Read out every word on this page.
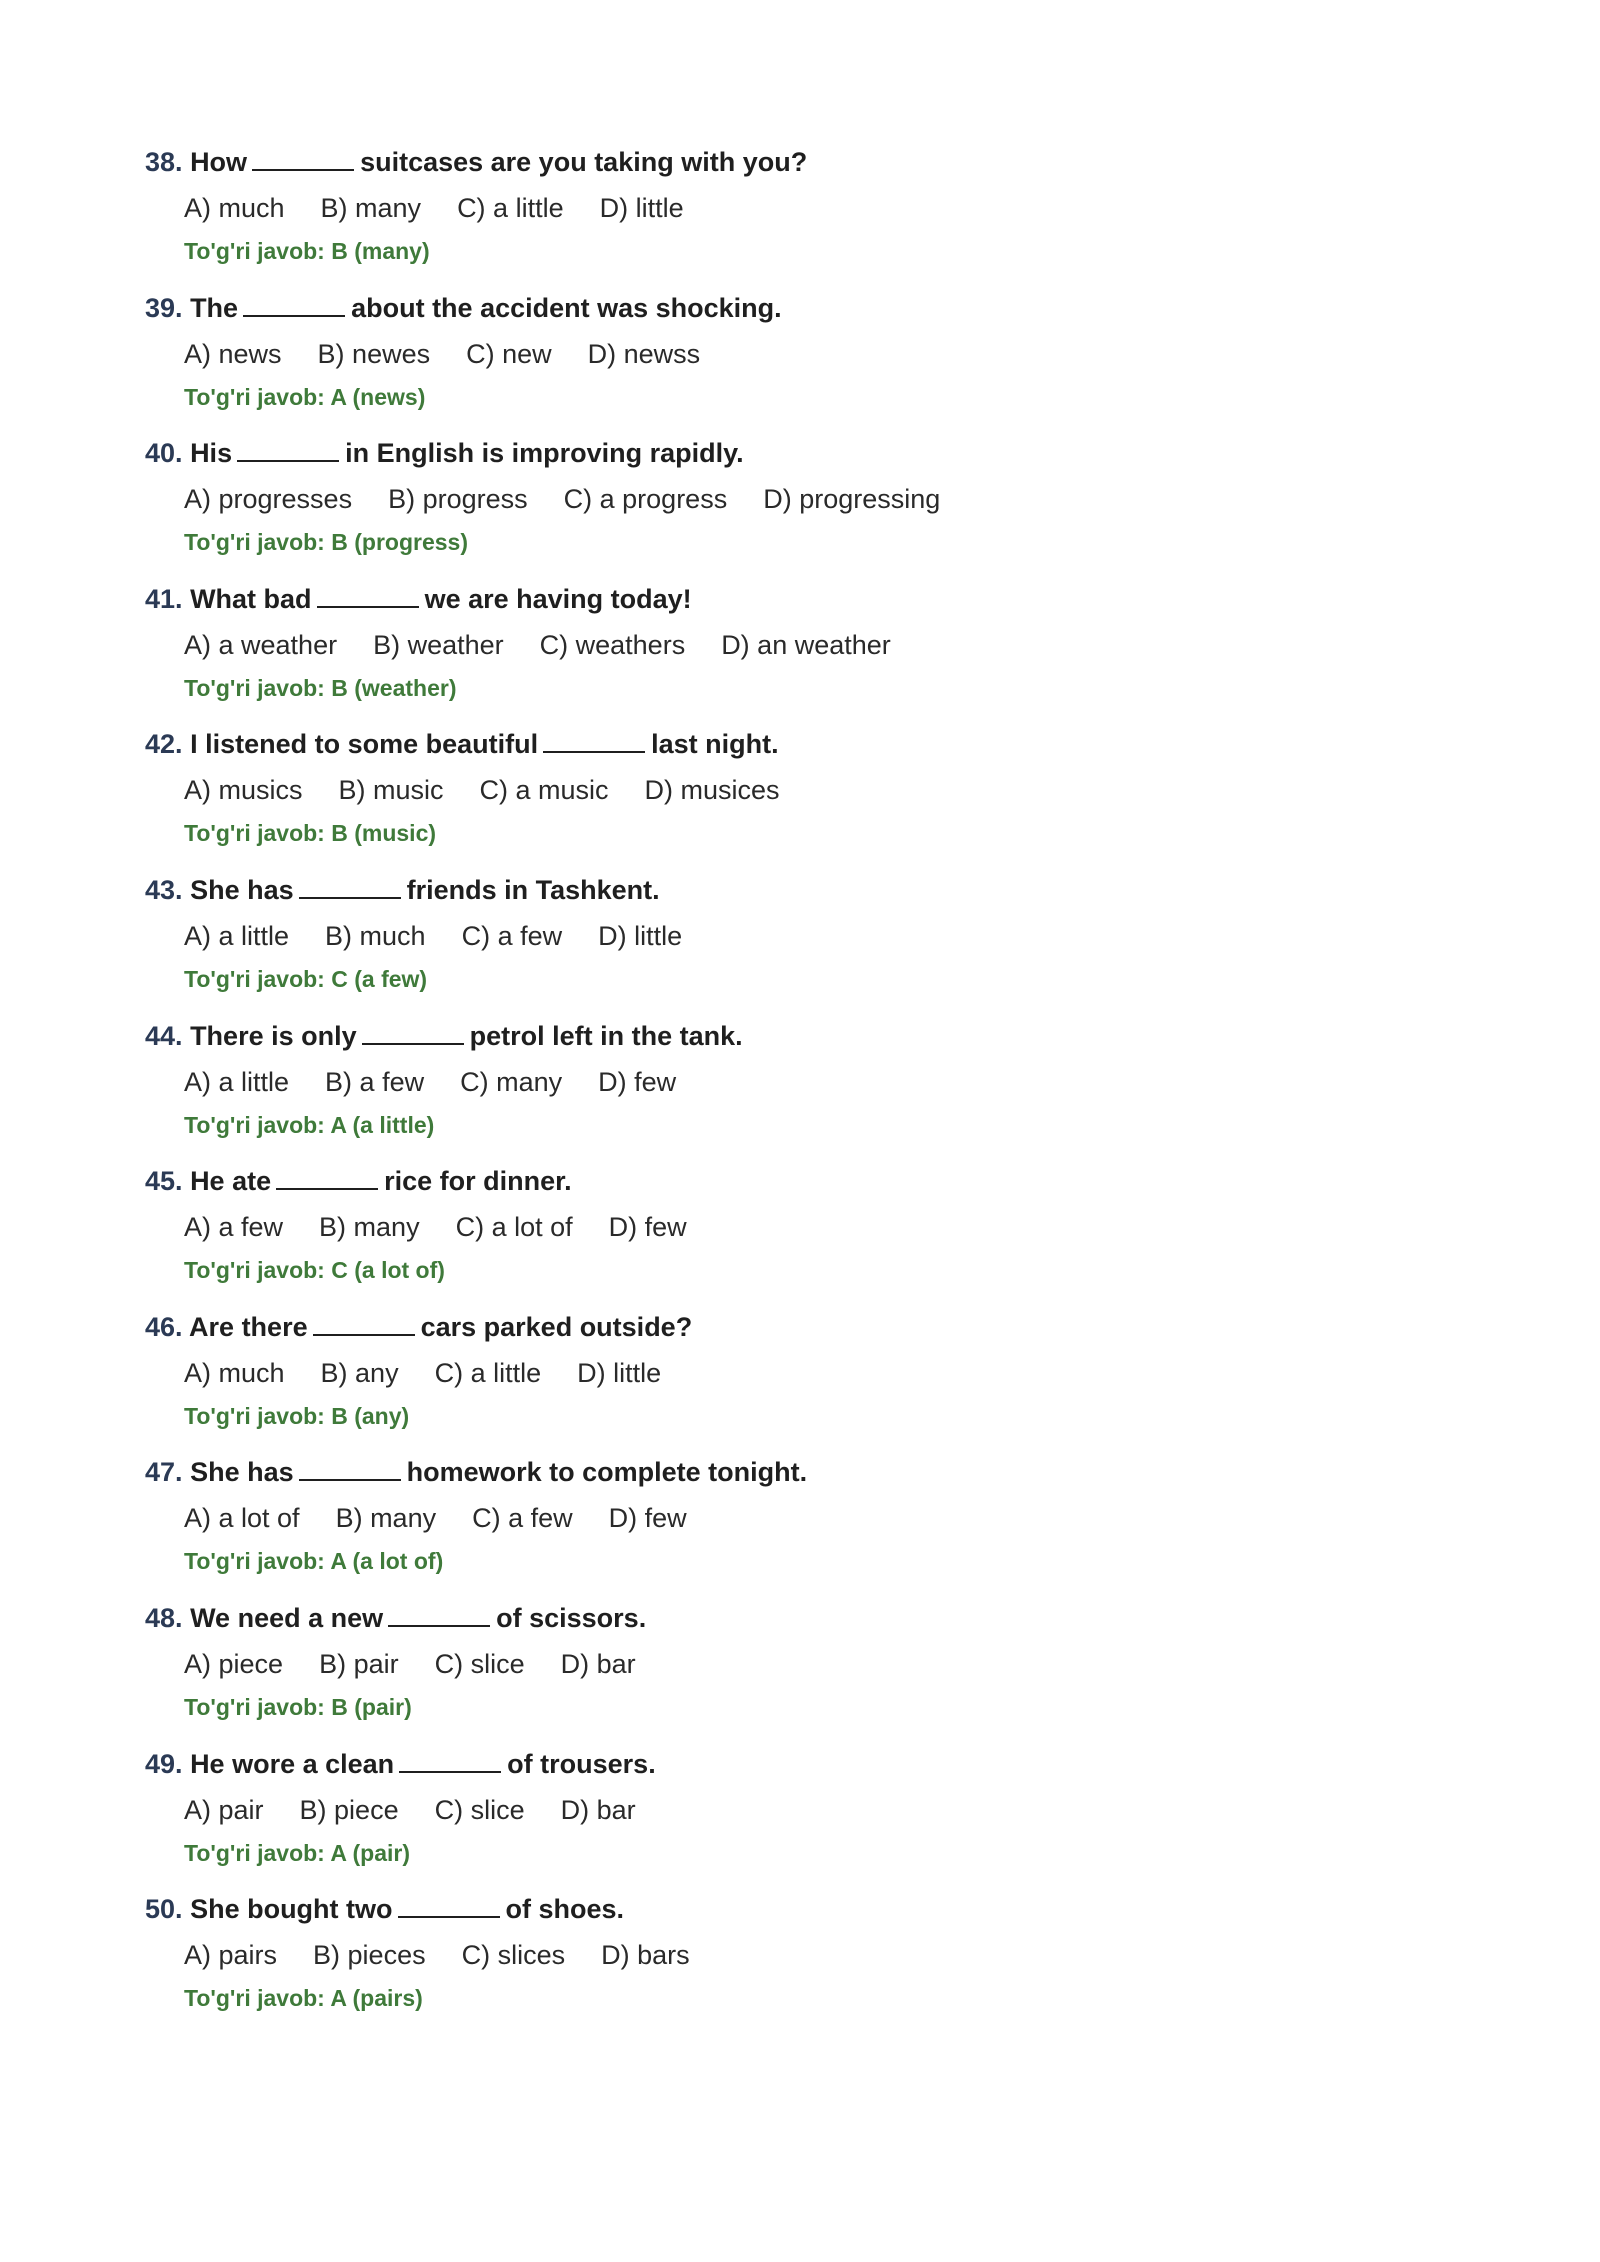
38. How	suitcases are you taking with you?
A) much B) many C) a little D) little
To'g'ri javob: B (many)
39. The	about the accident was shocking.
A) news B) newes C) new D) newss
To'g'ri javob: A (news)
40. His	in English is improving rapidly.
A) progresses B) progress C) a progress D) progressing
To'g'ri javob: B (progress)
41. What bad	we are having today!
A) a weather B) weather C) weathers D) an weather
To'g'ri javob: B (weather)
42. I listened to some beautiful	last night.
A) musics B) music C) a music D) musices
To'g'ri javob: B (music)
43. She has	friends in Tashkent.
A) a little B) much C) a few D) little
To'g'ri javob: C (a few)
44. There is only	petrol left in the tank.
A) a little B) a few C) many D) few
To'g'ri javob: A (a little)
45. He ate	rice for dinner.
A) a few B) many C) a lot of D) few
To'g'ri javob: C (a lot of)
46. Are there	cars parked outside?
A) much B) any C) a little D) little
To'g'ri javob: B (any)
47. She has	homework to complete tonight.
A) a lot of B) many C) a few D) few
To'g'ri javob: A (a lot of)
48. We need a new	of scissors.
A) piece B) pair C) slice D) bar
To'g'ri javob: B (pair)
49. He wore a clean	of trousers.
A) pair B) piece C) slice D) bar
To'g'ri javob: A (pair)
50. She bought two	of shoes.
A) pairs B) pieces C) slices D) bars
To'g'ri javob: A (pairs)
